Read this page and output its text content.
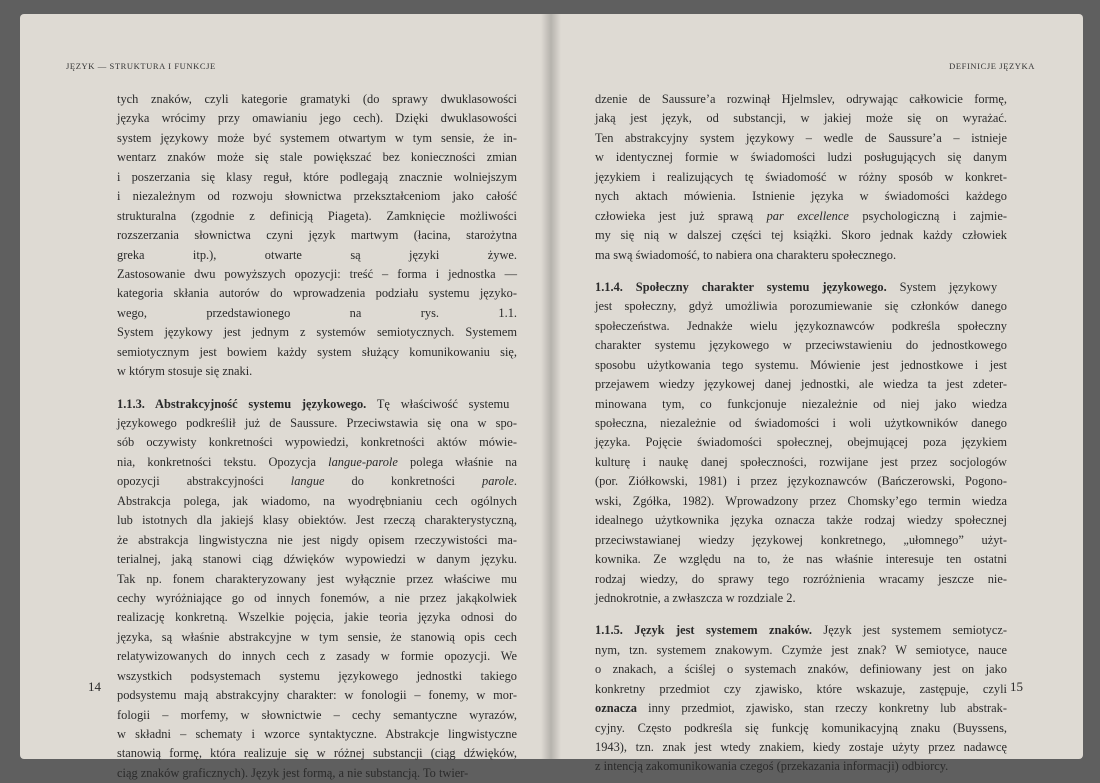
JĘZYK — STRUKTURA I FUNKCJE
tych znaków, czyli kategorie gramatyki (do sprawy dwuklasowości
języka wrócimy przy omawianiu jego cech). Dzięki dwuklasowości
system językowy może być systemem otwartym w tym sensie, że in-
wentarz znaków może się stale powiększać bez konieczności zmian
i poszerzania się klasy reguł, które podlegają znacznie wolniejszym
i niezależnym od rozwoju słownictwa przekształceniom jako całość
strukturalna (zgodnie z definicją Piageta). Zamknięcie możliwości
rozszerzania słownictwa czyni język martwym (łacina, starożytna
greka itp.), otwarte są języki żywe.
Zastosowanie dwu powyższych opozycji: treść – forma i jednostka —
kategoria skłania autorów do wprowadzenia podziału systemu języko-
wego, przedstawionego na rys. 1.1.
System językowy jest jednym z systemów semiotycznych. Systemem
semiotycznym jest bowiem każdy system służący komunikowaniu się,
w którym stosuje się znaki.
1.1.3. Abstrakcyjność systemu językowego. Tę właściwość systemu
językowego podkreślił już de Saussure. Przeciwstawia się ona w spo-
sób oczywisty konkretności wypowiedzi, konkretności aktów mówie-
nia, konkretności tekstu. Opozycja langue-parole polega właśnie na
opozycji abstrakcyjności langue do konkretności parole.
Abstrakcja polega, jak wiadomo, na wyodrębnianiu cech ogólnych
lub istotnych dla jakiejś klasy obiektów. Jest rzeczą charakterystyczną,
że abstrakcja lingwistyczna nie jest nigdy opisem rzeczywistości ma-
terialnej, jaką stanowi ciąg dźwięków wypowiedzi w danym języku.
Tak np. fonem charakteryzowany jest wyłącznie przez właściwe mu
cechy wyróżniające go od innych fonemów, a nie przez jakąkolwiek
realizację konkretną. Wszelkie pojęcia, jakie teoria języka odnosi do
języka, są właśnie abstrakcyjne w tym sensie, że stanowią opis cech
relatywizowanych do innych cech z zasady w formie opozycji. We
wszystkich podsystemach systemu językowego jednostki takiego
podsystemu mają abstrakcyjny charakter: w fonologii – fonemy, w mor-
fologii – morfemy, w słownictwie – cechy semantyczne wyrazów,
w składni – schematy i wzorce syntaktyczne. Abstrakcje lingwistyczne
stanowią formę, która realizuje się w różnej substancji (ciąg dźwięków,
ciąg znaków graficznych). Język jest formą, a nie substancją. To twier-
14
DEFINICJE JĘZYKA
dzenie de Saussure’a rozwinął Hjelmslev, odrywając całkowicie formę,
jaką jest język, od substancji, w jakiej może się on wyrażać.
Ten abstrakcyjny system językowy – wedle de Saussure’a – istnieje
w identycznej formie w świadomości ludzi posługujących się danym
językiem i realizujących tę świadomość w różny sposób w konkret-
nych aktach mówienia. Istnienie języka w świadomości każdego
człowieka jest już sprawą par excellence psychologiczną i zajmie-
my się nią w dalszej części tej książki. Skoro jednak każdy człowiek
ma swą świadomość, to nabiera ona charakteru społecznego.
1.1.4. Społeczny charakter systemu językowego. System językowy
jest społeczny, gdyż umożliwia porozumiewanie się członków danego
społeczeństwa. Jednakże wielu językoznawców podkreśla społeczny
charakter systemu językowego w przeciwstawieniu do jednostkowego
sposobu użytkowania tego systemu. Mówienie jest jednostkowe i jest
przejawem wiedzy językowej danej jednostki, ale wiedza ta jest zdeter-
minowana tym, co funkcjonuje niezależnie od niej jako wiedza
społeczna, niezależnie od świadomości i woli użytkowników danego
języka. Pojęcie świadomości społecznej, obejmującej poza językiem
kulturę i naukę danej społeczności, rozwijane jest przez socjologów
(por. Ziółkowski, 1981) i przez językoznawców (Bańczerowski, Pogono-
wski, Zgółka, 1982). Wprowadzony przez Chomsky’ego termin wiedza
idealnego użytkownika języka oznacza także rodzaj wiedzy społecznej
przeciwstawianej wiedzy językowej konkretnego, „ułomnego” użyt-
kownika. Ze względu na to, że nas właśnie interesuje ten ostatni
rodzaj wiedzy, do sprawy tego rozróżnienia wracamy jeszcze nie-
jednokrotnie, a zwłaszcza w rozdziale 2.
1.1.5. Język jest systemem znaków. Język jest systemem semiotycz-
nym, tzn. systemem znakowym. Czymże jest znak? W semiotyce, nauce
o znakach, a ściślej o systemach znaków, definiowany jest on jako
konkretny przedmiot czy zjawisko, które wskazuje, zastępuje, czyli
oznacza inny przedmiot, zjawisko, stan rzeczy konkretny lub abstrak-
cyjny. Często podkreśla się funkcję komunikacyjną znaku (Buyssens,
1943), tzn. znak jest wtedy znakiem, kiedy zostaje użyty przez nadawcę
z intencją zakomunikowania czegoś (przekazania informacji) odbiorcy.
15
